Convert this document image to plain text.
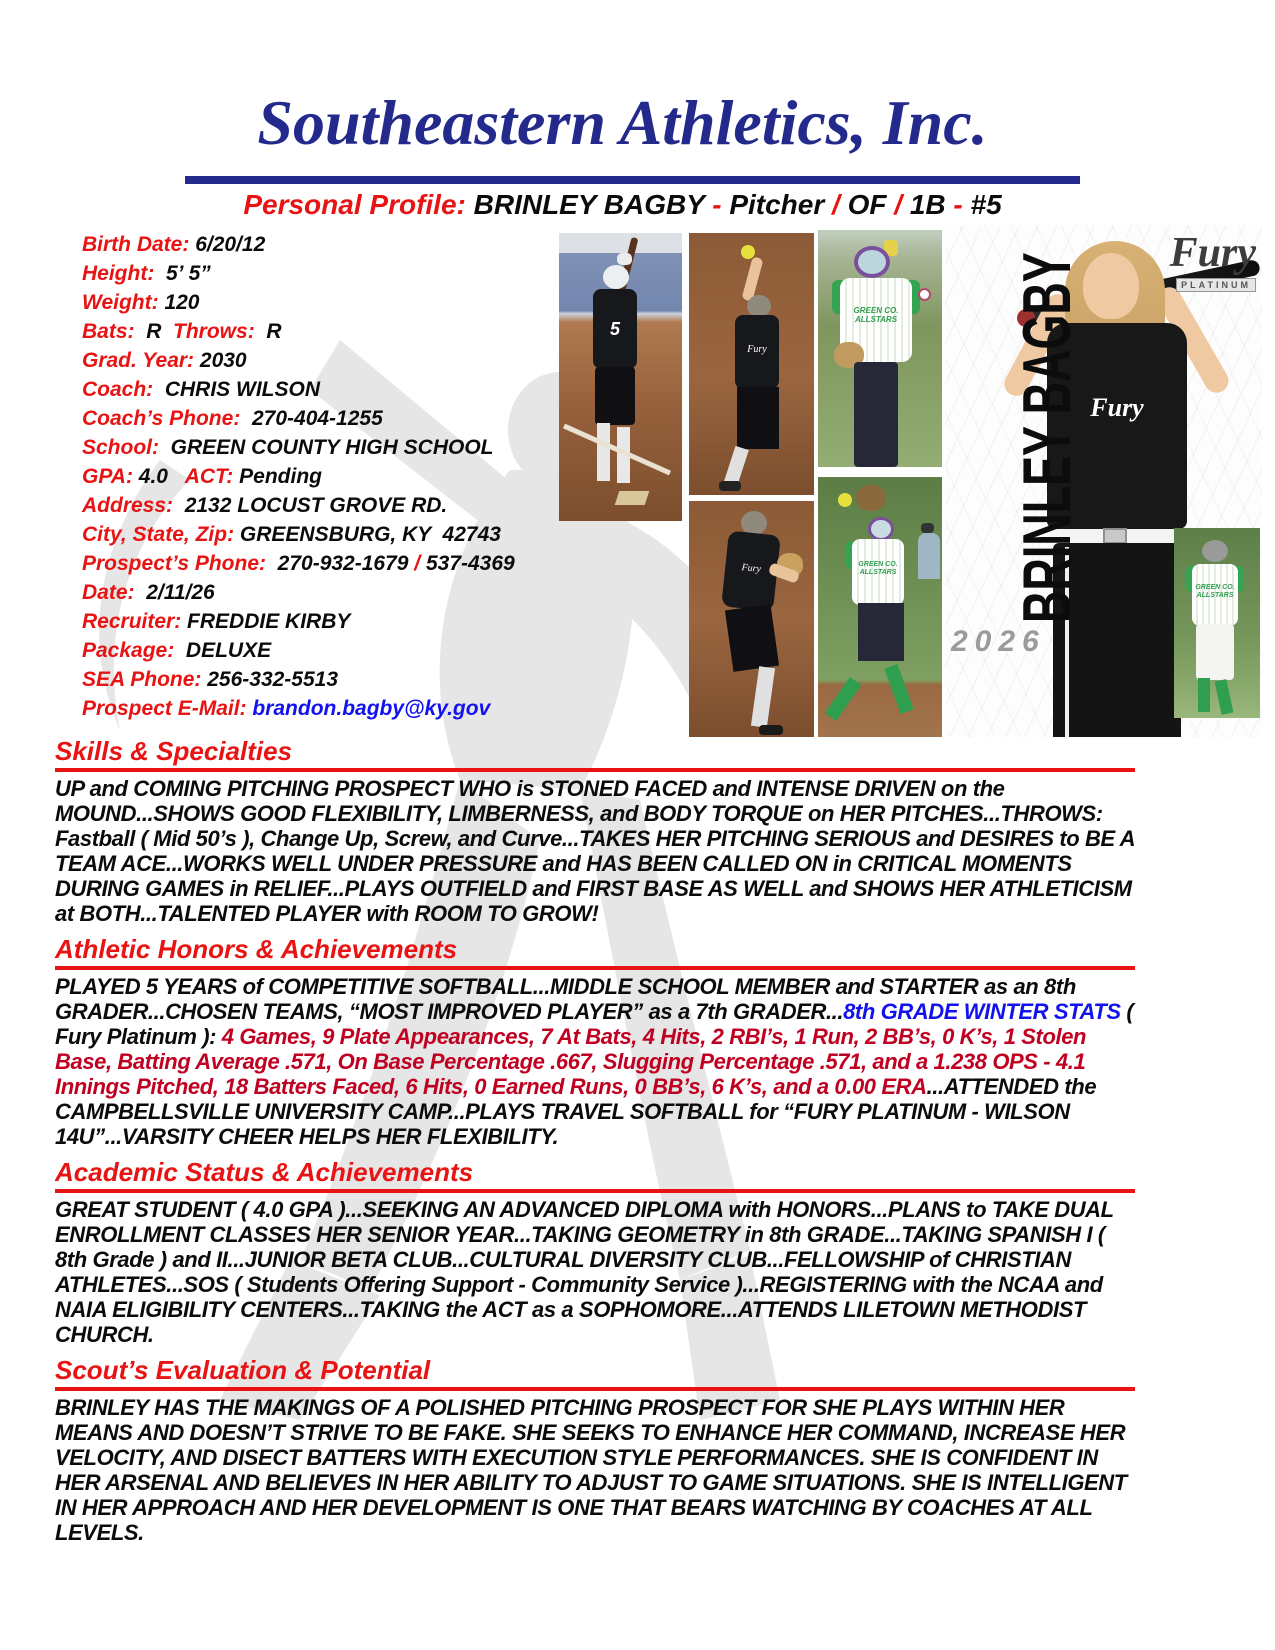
Southeastern Athletics, Inc.

Personal Profile: BRINLEY BAGBY - Pitcher / OF / 1B - #5

Birth Date: 6/20/12
Height:  5’ 5”
Weight: 120
Bats:  R  Throws:  R
Grad. Year: 2030
Coach:  CHRIS WILSON
Coach’s Phone:  270-404-1255
School:  GREEN COUNTY HIGH SCHOOL
GPA: 4.0   ACT: Pending
Address:  2132 LOCUST GROVE RD.
City, State, Zip: GREENSBURG, KY  42743
Prospect’s Phone:  270-932-1679 / 537-4369
Date:  2/11/26
Recruiter: FREDDIE KIRBY
Package:  DELUXE
SEA Phone: 256-332-5513
Prospect E-Mail: brandon.bagby@ky.gov
5
Fury
GREEN CO.
ALLSTARS
Fury	GREEN CO.
ALLSTARS
Fury
BRINLEY BAGBY
2026
Fury
PLATINUM
GREEN CO.
ALLSTARS
Skills & Specialties

UP and COMING PITCHING PROSPECT WHO is STONED FACED and INTENSE DRIVEN on the MOUND...SHOWS GOOD FLEXIBILITY, LIMBERNESS, and BODY TORQUE on HER PITCHES...THROWS: Fastball ( Mid 50’s ), Change Up, Screw, and Curve...TAKES HER PITCHING SERIOUS and DESIRES to BE A TEAM ACE...WORKS WELL UNDER PRESSURE and HAS BEEN CALLED ON in CRITICAL MOMENTS DURING GAMES in RELIEF...PLAYS OUTFIELD and FIRST BASE AS WELL and SHOWS HER ATHLETICISM at BOTH...TALENTED PLAYER with ROOM TO GROW!

Athletic Honors & Achievements

PLAYED 5 YEARS of COMPETITIVE SOFTBALL...MIDDLE SCHOOL MEMBER and STARTER as an 8th GRADER...CHOSEN TEAMS, “MOST IMPROVED PLAYER” as a 7th GRADER...8th GRADE WINTER STATS ( Fury Platinum ): 4 Games, 9 Plate Appearances, 7 At Bats, 4 Hits, 2 RBI’s, 1 Run, 2 BB’s, 0 K’s, 1 Stolen Base, Batting Average .571, On Base Percentage .667, Slugging Percentage .571, and a 1.238 OPS - 4.1 Innings Pitched, 18 Batters Faced, 6 Hits, 0 Earned Runs, 0 BB’s, 6 K’s, and a 0.00 ERA...ATTENDED the CAMPBELLSVILLE UNIVERSITY CAMP...PLAYS TRAVEL SOFTBALL for “FURY PLATINUM - WILSON 14U”...VARSITY CHEER HELPS HER FLEXIBILITY.

Academic Status & Achievements

GREAT STUDENT ( 4.0 GPA )...SEEKING AN ADVANCED DIPLOMA with HONORS...PLANS to TAKE DUAL ENROLLMENT CLASSES HER SENIOR YEAR...TAKING GEOMETRY in 8th GRADE...TAKING SPANISH I ( 8th Grade ) and II...JUNIOR BETA CLUB...CULTURAL DIVERSITY CLUB...FELLOWSHIP of CHRISTIAN ATHLETES...SOS ( Students Offering Support - Community Service )...REGISTERING with the NCAA and NAIA ELIGIBILITY CENTERS...TAKING the ACT as a SOPHOMORE...ATTENDS LILETOWN METHODIST CHURCH.

Scout’s Evaluation & Potential

BRINLEY HAS THE MAKINGS OF A POLISHED PITCHING PROSPECT FOR SHE PLAYS WITHIN HER MEANS AND DOESN’T STRIVE TO BE FAKE. SHE SEEKS TO ENHANCE HER COMMAND, INCREASE HER VELOCITY, AND DISECT BATTERS WITH EXECUTION STYLE PERFORMANCES. SHE IS CONFIDENT IN HER ARSENAL AND BELIEVES IN HER ABILITY TO ADJUST TO GAME SITUATIONS. SHE IS INTELLIGENT IN HER APPROACH AND HER DEVELOPMENT IS ONE THAT BEARS WATCHING BY COACHES AT ALL LEVELS.
